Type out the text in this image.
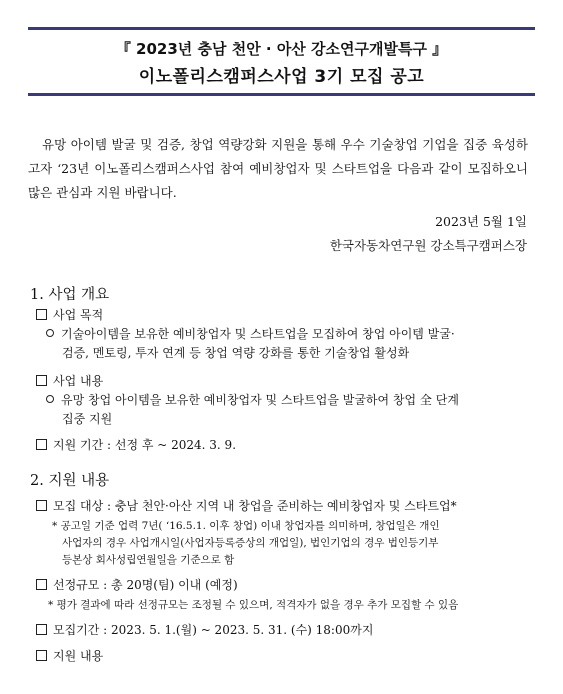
『 2023년 충남 천안 · 아산 강소연구개발특구 』
이노폴리스캠퍼스사업 3기 모집 공고
유망 아이템 발굴 및 검증, 창업 역량강화 지원을 통해 우수 기술창업 기업을 집중 육성하고자 ‘23년 이노폴리스캠퍼스사업 참여 예비창업자 및 스타트업을 다음과 같이 모집하오니 많은 관심과 지원 바랍니다.
2023년 5월 1일
한국자동차연구원 강소특구캠퍼스장
1. 사업 개요
사업 목적
기술아이템을 보유한 예비창업자 및 스타트업을 모집하여 창업 아이템 발굴·
검증, 멘토링, 투자 연계 등 창업 역량 강화를 통한 기술창업 활성화
사업 내용
유망 창업 아이템을 보유한 예비창업자 및 스타트업을 발굴하여 창업 全 단계
집중 지원
지원 기간 : 선정 후 ~ 2024. 3. 9.
2. 지원 내용
모집 대상 : 충남 천안·아산 지역 내 창업을 준비하는 예비창업자 및 스타트업*
* 공고일 기준 업력 7년( ‘16.5.1. 이후 창업) 이내 창업자를 의미하며, 창업일은 개인
사업자의 경우 사업개시일(사업자등록증상의 개업일), 법인기업의 경우 법인등기부
등본상 회사성립연월일을 기준으로 함
선정규모 : 총 20명(팀) 이내 (예정)
* 평가 결과에 따라 선정규모는 조정될 수 있으며, 적격자가 없을 경우 추가 모집할 수 있음
모집기간 : 2023. 5. 1.(월) ~ 2023. 5. 31. (수) 18:00까지
지원 내용
